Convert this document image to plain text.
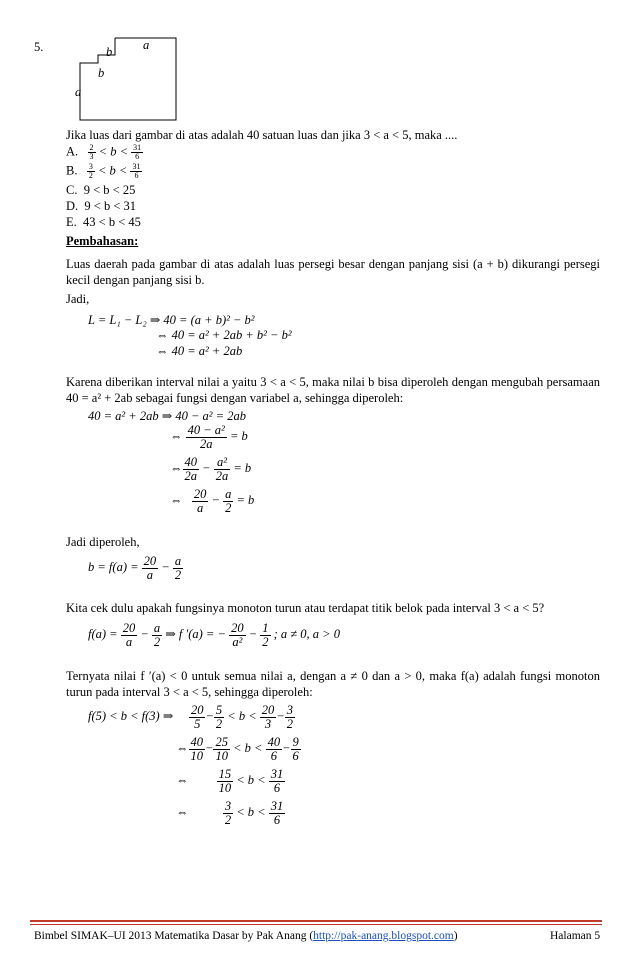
5.	a
b
b
a
Jika luas dari gambar di atas adalah 40 satuan luas dan jika 3 < a < 5, maka ....
A. $\frac{2}{3} < b < \frac{31}{6}$
B. $\frac{3}{2} < b < \frac{31}{6}$
C. 9 < b < 25
D. 9 < b < 31
E. 43 < b < 45
Pembahasan:
Luas daerah pada gambar di atas adalah luas persegi besar dengan panjang sisi (a + b) dikurangi persegi kecil dengan panjang sisi b.
Jadi,
L = L₁ − L₂ ⇒ 40 = (a + b)² − b²
⇔ 40 = a² + 2ab + b² − b²
⇔ 40 = a² + 2ab
Karena diberikan interval nilai a yaitu 3 < a < 5, maka nilai b bisa diperoleh dengan mengubah persamaan 40 = a² + 2ab sebagai fungsi dengan variabel a, sehingga diperoleh:
40 = a² + 2ab ⇒ 40 − a² = 2ab
⇔ $\frac{\text{40 − a²}}{2a} = b$
⇔ $\frac{40}{2a} - \frac{\text{a²}}{2a} = b$
⇔ $\frac{20}{a} - \frac{a}{2} = b$
Jadi diperoleh,
$b = f(a) = \frac{20}{a} - \frac{a}{2}$
Kita cek dulu apakah fungsinya monoton turun atau terdapat titik belok pada interval 3 < a < 5?
$f(a) = \frac{20}{a} - \frac{a}{2}$ ⇒ f ′(a) = − $\frac{20}{\text{a²}} - \frac{1}{2}$ ; a ≠ 0, a > 0
Ternyata nilai f ′(a) < 0 untuk semua nilai a, dengan a ≠ 0 dan a > 0, maka f(a) adalah fungsi monoton turun pada interval 3 < a < 5, sehingga diperoleh:
f(5) < b < f(3) ⇒ $\frac{20}{5} - \frac{5}{2} < b < \frac{20}{3} - \frac{3}{2}$
⇔ $\frac{40}{10} - \frac{25}{10} < b < \frac{40}{6} - \frac{9}{6}$
⇔ $\frac{15}{10} < b < \frac{31}{6}$
⇔	$\frac{3}{2} < b < \frac{31}{6}$
Bimbel SIMAK–UI 2013 Matematika Dasar by Pak Anang (http://pak-anang.blogspot.com)	Halaman 5
